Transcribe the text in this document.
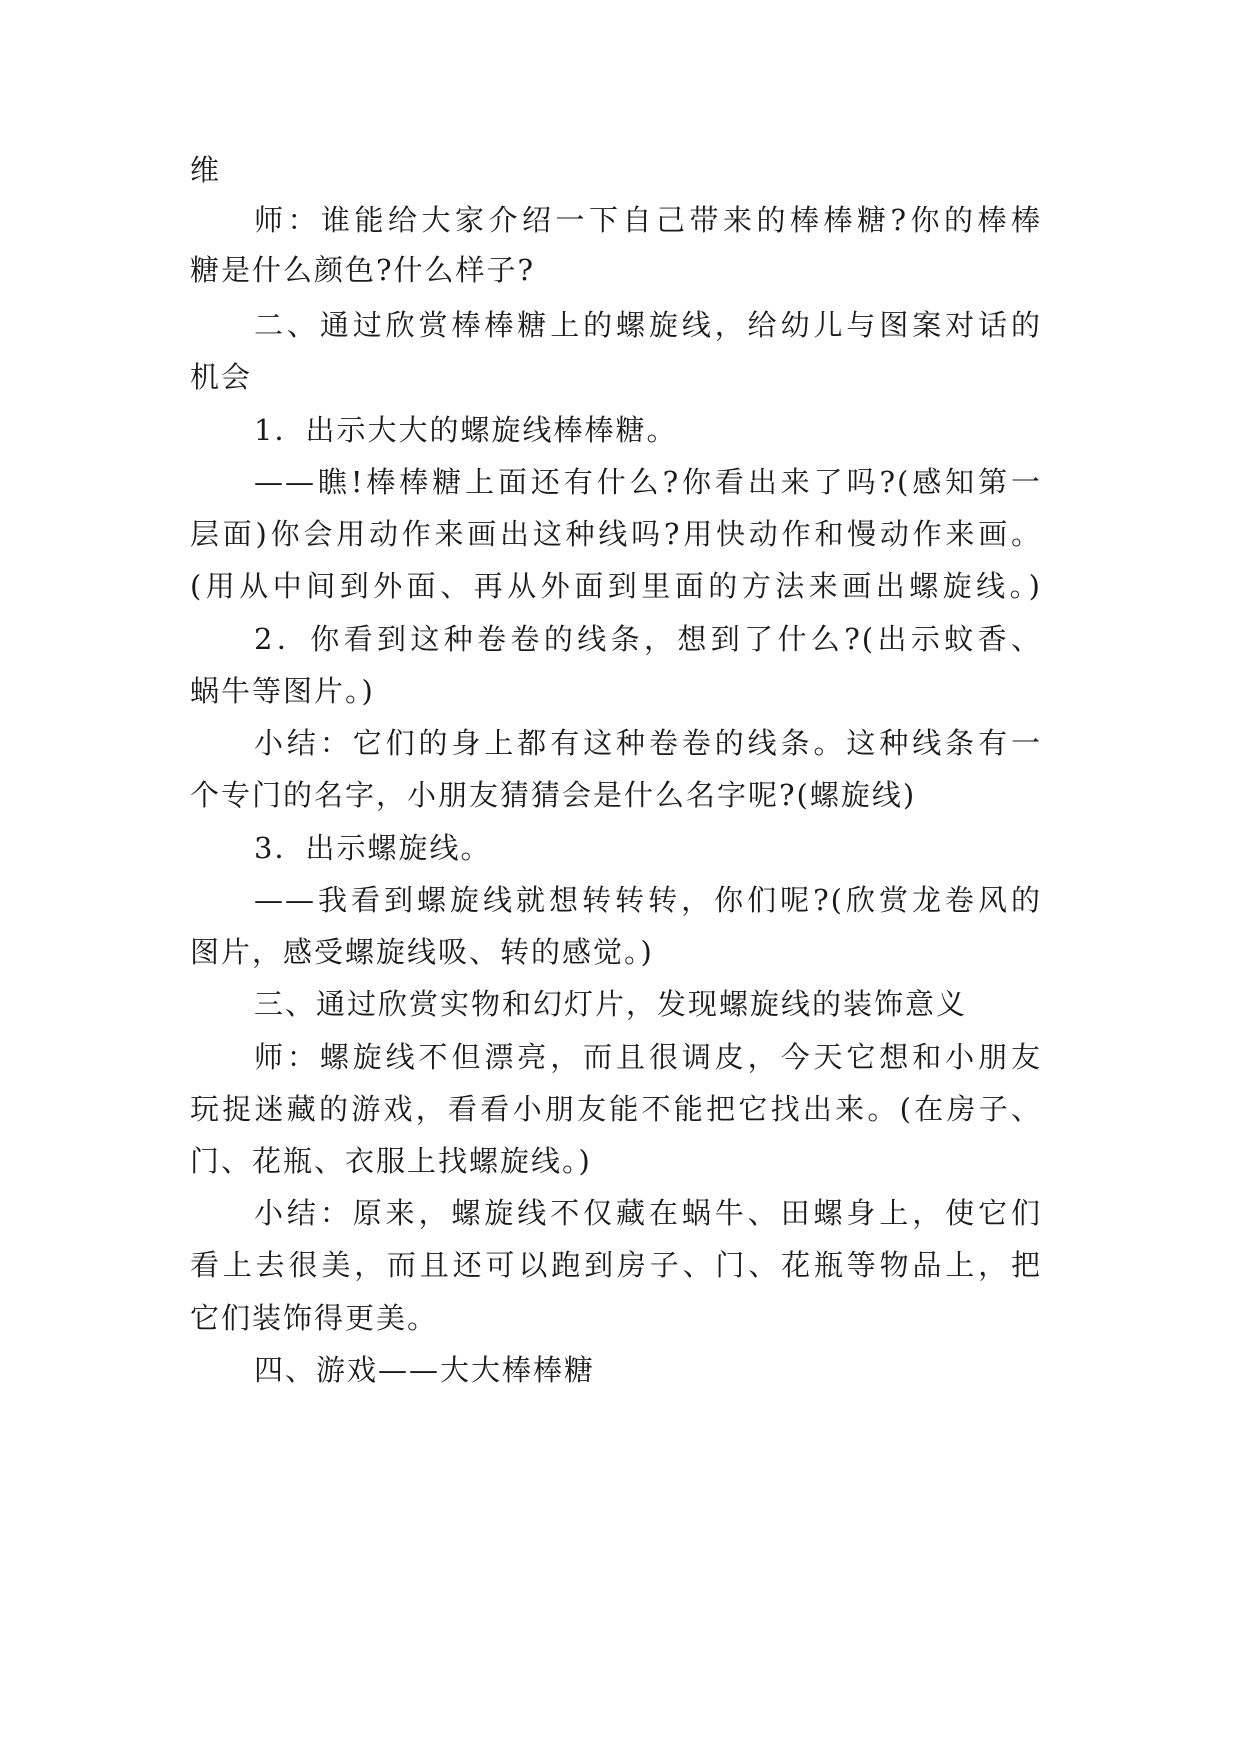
维
师：谁能给大家介绍一下自己带来的棒棒糖?你的棒棒
糖是什么颜色?什么样子?
二、通过欣赏棒棒糖上的螺旋线，给幼儿与图案对话的
机会
1．出示大大的螺旋线棒棒糖。
——瞧!棒棒糖上面还有什么?你看出来了吗?(感知第一
层面)你会用动作来画出这种线吗?用快动作和慢动作来画。
(用从中间到外面、再从外面到里面的方法来画出螺旋线。)
2．你看到这种卷卷的线条，想到了什么?(出示蚊香、
蜗牛等图片。)
小结：它们的身上都有这种卷卷的线条。这种线条有一
个专门的名字，小朋友猜猜会是什么名字呢?(螺旋线)
3．出示螺旋线。
——我看到螺旋线就想转转转，你们呢?(欣赏龙卷风的
图片，感受螺旋线吸、转的感觉。)
三、通过欣赏实物和幻灯片，发现螺旋线的装饰意义
师：螺旋线不但漂亮，而且很调皮，今天它想和小朋友
玩捉迷藏的游戏，看看小朋友能不能把它找出来。(在房子、
门、花瓶、衣服上找螺旋线。)
小结：原来，螺旋线不仅藏在蜗牛、田螺身上，使它们
看上去很美，而且还可以跑到房子、门、花瓶等物品上，把
它们装饰得更美。
四、游戏——大大棒棒糖
